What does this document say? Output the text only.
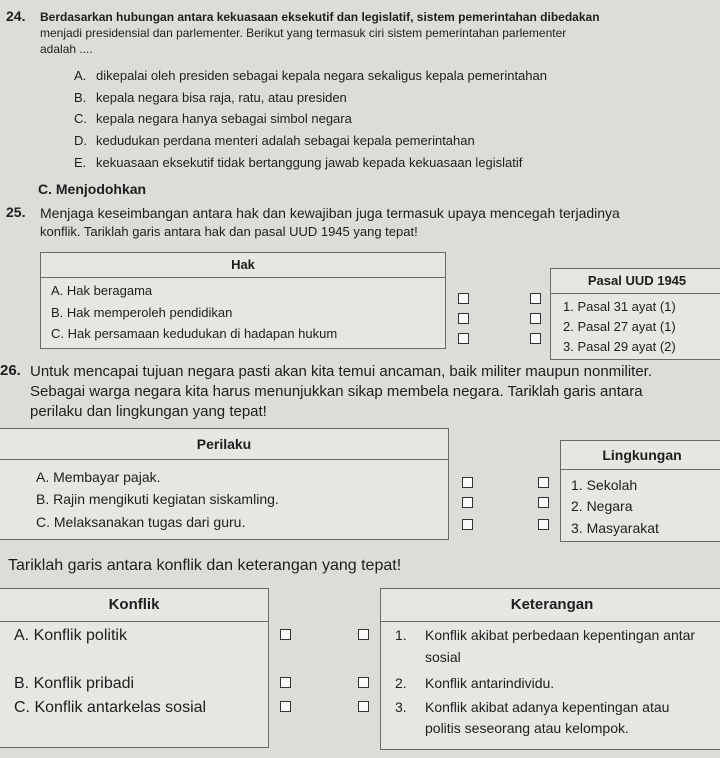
24. Berdasarkan hubungan antara kekuasaan eksekutif dan legislatif, sistem pemerintahan dibedakan
menjadi presidensial dan parlementer. Berikut yang termasuk ciri sistem pemerintahan parlementer
adalah ....
A. dikepalai oleh presiden sebagai kepala negara sekaligus kepala pemerintahan
B. kepala negara bisa raja, ratu, atau presiden
C. kepala negara hanya sebagai simbol negara
D. kedudukan perdana menteri adalah sebagai kepala pemerintahan
E. kekuasaan eksekutif tidak bertanggung jawab kepada kekuasaan legislatif
C. Menjodohkan
25. Menjaga keseimbangan antara hak dan kewajiban juga termasuk upaya mencegah terjadinya
konflik. Tariklah garis antara hak dan pasal UUD 1945 yang tepat!
Hak
A. Hak beragama
B. Hak memperoleh pendidikan
C. Hak persamaan kedudukan di hadapan hukum
Pasal UUD 1945
1. Pasal 31 ayat (1)
2. Pasal 27 ayat (1)
3. Pasal 29 ayat (2)
26. Untuk mencapai tujuan negara pasti akan kita temui ancaman, baik militer maupun nonmiliter.
Sebagai warga negara kita harus menunjukkan sikap membela negara. Tariklah garis antara
perilaku dan lingkungan yang tepat!
Perilaku
A. Membayar pajak.
B. Rajin mengikuti kegiatan siskamling.
C. Melaksanakan tugas dari guru.
Lingkungan
1. Sekolah
2. Negara
3. Masyarakat
Tariklah garis antara konflik dan keterangan yang tepat!
Konflik
A. Konflik politik
B. Konflik pribadi
C. Konflik antarkelas sosial
Keterangan
1. Konflik akibat perbedaan kepentingan antar
sosial
2. Konflik antarindividu.
3. Konflik akibat adanya kepentingan atau
politis seseorang atau kelompok.
